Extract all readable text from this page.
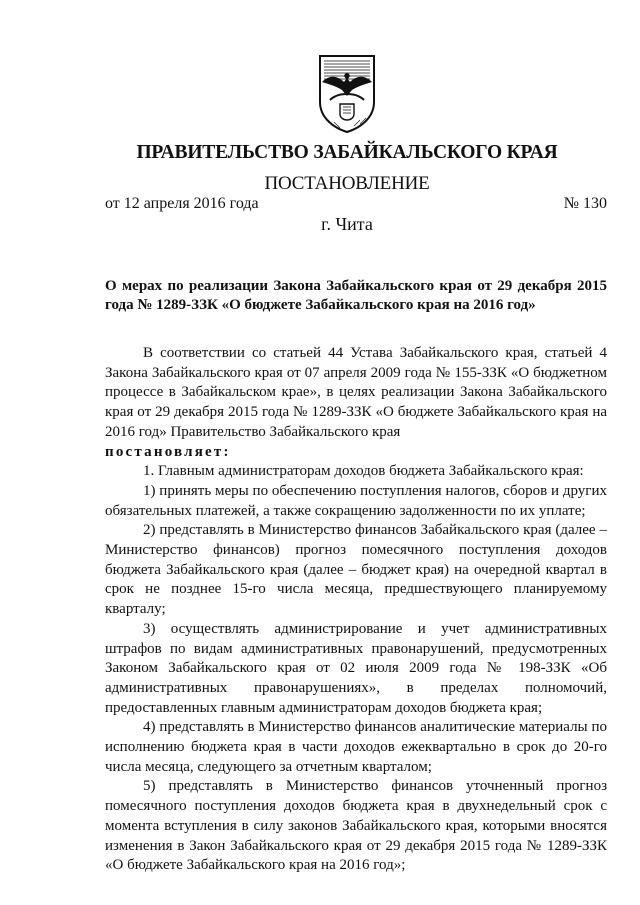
ПРАВИТЕЛЬСТВО ЗАБАЙКАЛЬСКОГО КРАЯ
ПОСТАНОВЛЕНИЕ
от 12 апреля 2016 года	№ 130
г. Чита
О мерах по реализации Закона Забайкальского края от 29 декабря 2015 года № 1289-ЗЗК «О бюджете Забайкальского края на 2016 год»

В соответствии со статьей 44 Устава Забайкальского края, статьей 4 Закона Забайкальского края от 07 апреля 2009 года № 155-ЗЗК «О бюджетном процессе в Забайкальском крае», в целях реализации Закона Забайкальского края от 29 декабря 2015 года № 1289-ЗЗК «О бюджете Забайкальского края на 2016 год» Правительство Забайкальского края

постановляет:

1. Главным администраторам доходов бюджета Забайкальского края:

1) принять меры по обеспечению поступления налогов, сборов и других обязательных платежей, а также сокращению задолженности по их уплате;

2) представлять в Министерство финансов Забайкальского края (далее – Министерство финансов) прогноз помесячного поступления доходов бюджета Забайкальского края (далее – бюджет края) на очередной квартал в срок не позднее 15-го числа месяца, предшествующего планируемому кварталу;

3) осуществлять администрирование и учет административных штрафов по видам административных правонарушений, предусмотренных Законом Забайкальского края от 02 июля 2009 года № 198-ЗЗК «Об административных правонарушениях», в пределах полномочий, предоставленных главным администраторам доходов бюджета края;

4) представлять в Министерство финансов аналитические материалы по исполнению бюджета края в части доходов ежеквартально в срок до 20-го числа месяца, следующего за отчетным кварталом;

5) представлять в Министерство финансов уточненный прогноз помесячного поступления доходов бюджета края в двухнедельный срок с момента вступления в силу законов Забайкальского края, которыми вносятся изменения в Закон Забайкальского края от 29 декабря 2015 года № 1289-ЗЗК «О бюджете Забайкальского края на 2016 год»;
